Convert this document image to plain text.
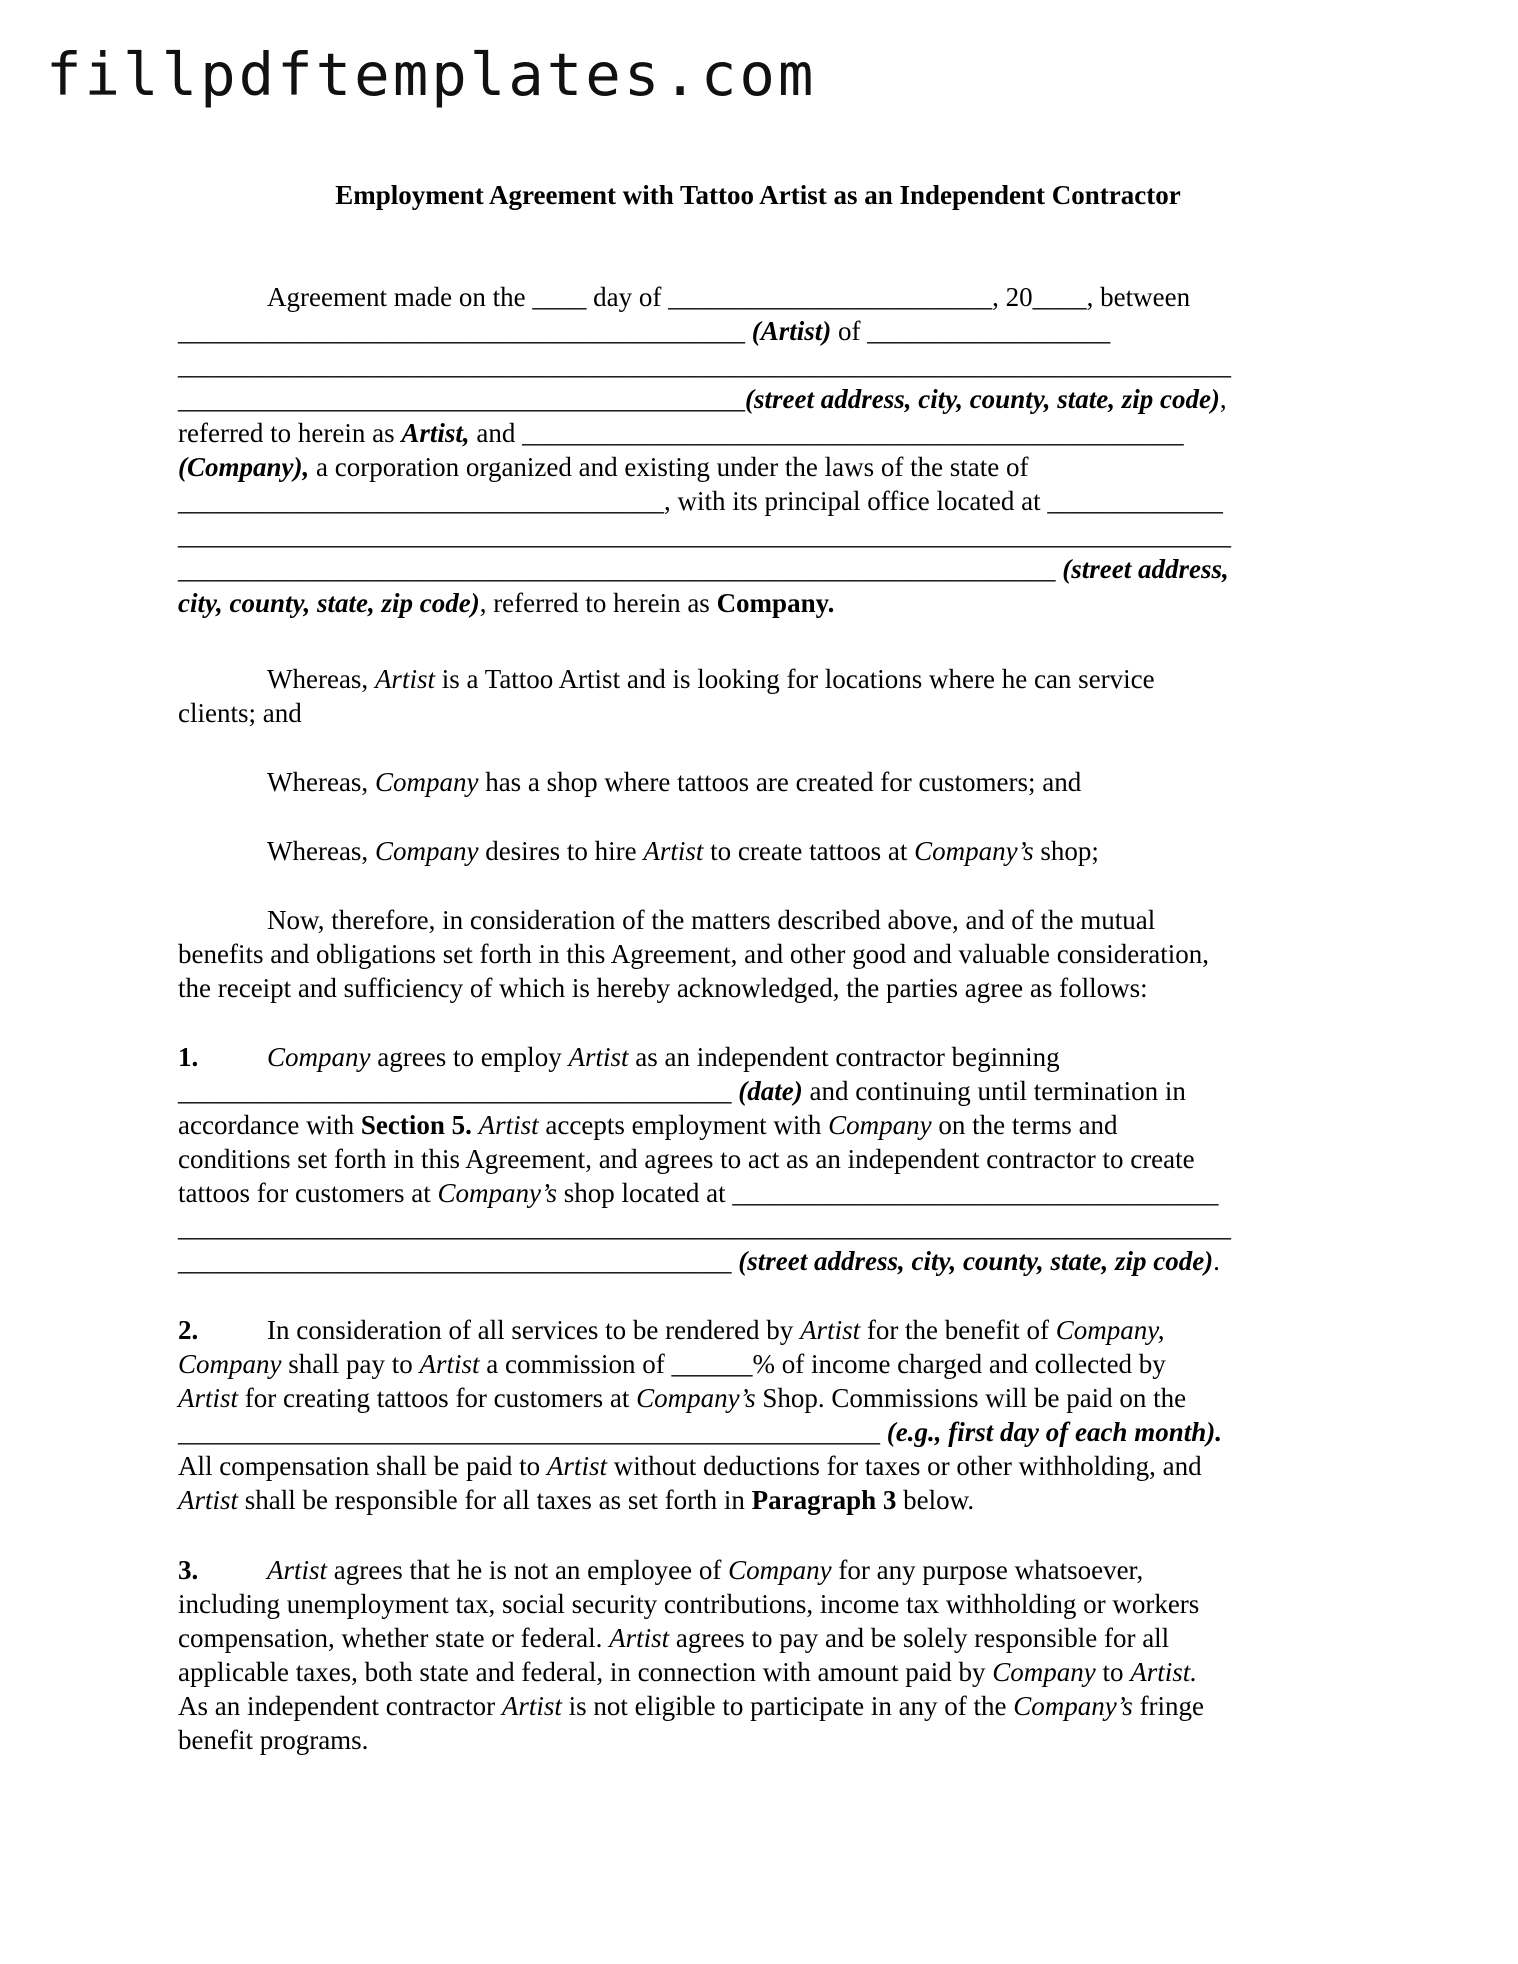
fillpdftemplates.com
Employment Agreement with Tattoo Artist as an Independent Contractor
Agreement made on the ____ day of ________________________, 20____, between
__________________________________________ (Artist) of __________________
______________________________________________________________________________
__________________________________________(street address, city, county, state, zip code),
referred to herein as Artist, and _________________________________________________
(Company), a corporation organized and existing under the laws of the state of
____________________________________, with its principal office located at _____________
______________________________________________________________________________
_________________________________________________________________ (street address,
city, county, state, zip code), referred to herein as Company.
Whereas, Artist is a Tattoo Artist and is looking for locations where he can service
clients; and
Whereas, Company has a shop where tattoos are created for customers; and
Whereas, Company desires to hire Artist to create tattoos at Company’s shop;
Now, therefore, in consideration of the matters described above, and of the mutual
benefits and obligations set forth in this Agreement, and other good and valuable consideration,
the receipt and sufficiency of which is hereby acknowledged, the parties agree as follows:
1.	Company agrees to employ Artist as an independent contractor beginning
_________________________________________ (date) and continuing until termination in
accordance with Section 5. Artist accepts employment with Company on the terms and
conditions set forth in this Agreement, and agrees to act as an independent contractor to create
tattoos for customers at Company’s shop located at ____________________________________
______________________________________________________________________________
_________________________________________ (street address, city, county, state, zip code).
2.	In consideration of all services to be rendered by Artist for the benefit of Company,
Company shall pay to Artist a commission of ______% of income charged and collected by
Artist for creating tattoos for customers at Company’s Shop. Commissions will be paid on the
____________________________________________________ (e.g., first day of each month).
All compensation shall be paid to Artist without deductions for taxes or other withholding, and
Artist shall be responsible for all taxes as set forth in Paragraph 3 below.
3.	Artist agrees that he is not an employee of Company for any purpose whatsoever,
including unemployment tax, social security contributions, income tax withholding or workers
compensation, whether state or federal. Artist agrees to pay and be solely responsible for all
applicable taxes, both state and federal, in connection with amount paid by Company to Artist.
As an independent contractor Artist is not eligible to participate in any of the Company’s fringe
benefit programs.
